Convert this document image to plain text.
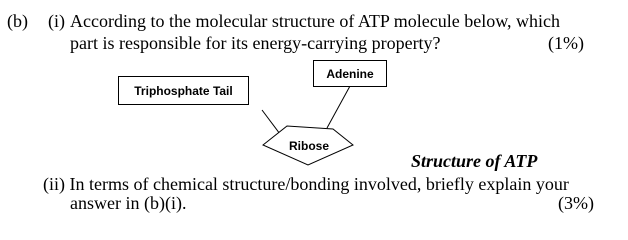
(b) (i) According to the molecular structure of ATP molecule below, which
part is responsible for its energy-carrying property?	(1%)
Adenine
Triphosphate Tail
Ribose
Structure of ATP
(ii) In terms of chemical structure/bonding involved, briefly explain your
answer in (b)(i).	(3%)
